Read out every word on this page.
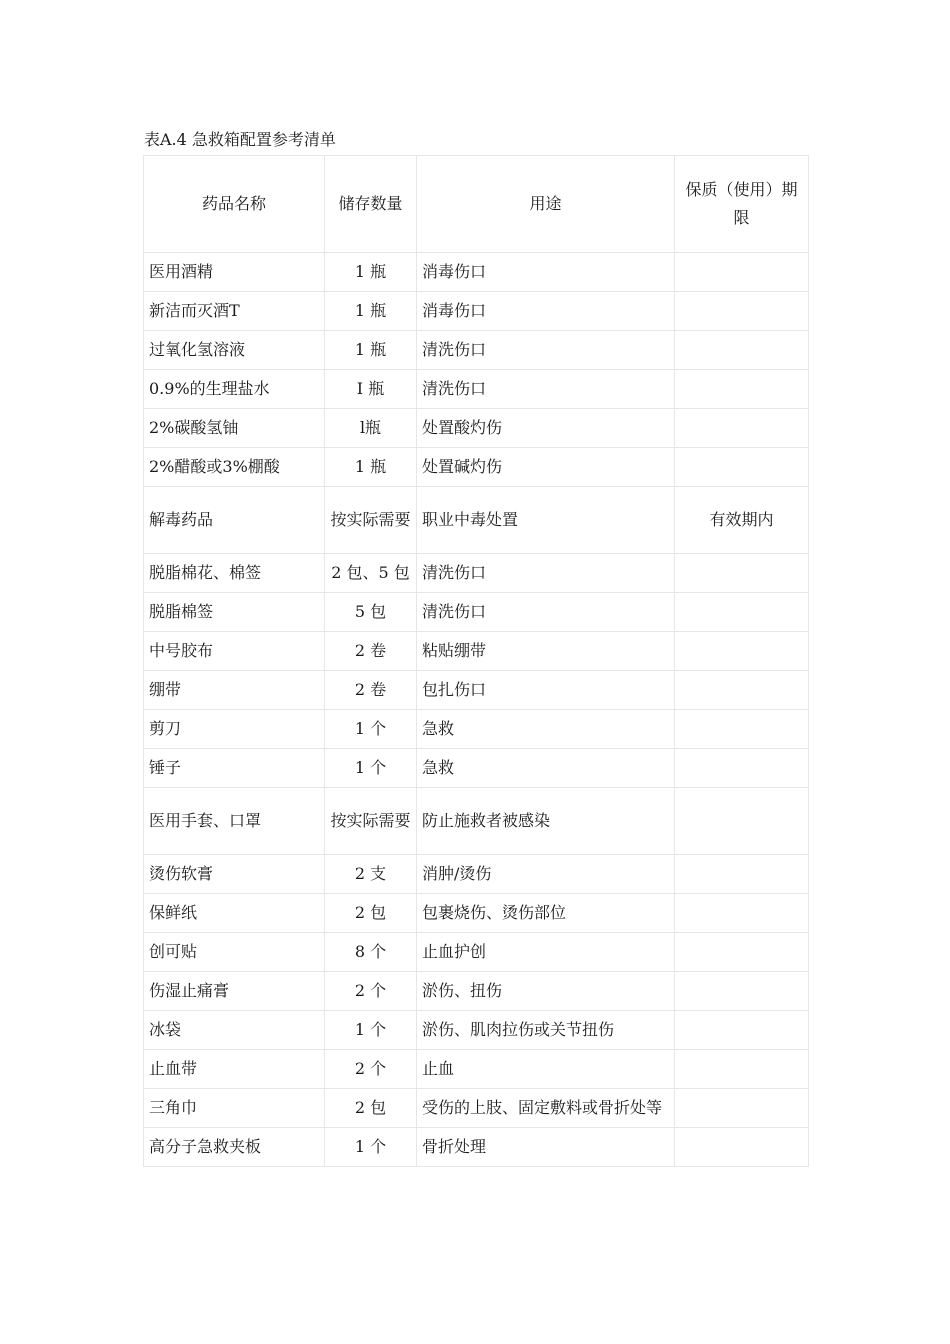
表A.4 急救箱配置参考清单
药品名称	储存数量	用途	保质（使用）期限
医用酒精	1 瓶	消毒伤口	
新洁而灭酒T	1 瓶	消毒伤口	
过氧化氢溶液	1 瓶	清洗伤口	
0.9%的生理盐水	I 瓶	清洗伤口	
2%碳酸氢铀	l瓶	处置酸灼伤	
2%醋酸或3%棚酸	1 瓶	处置碱灼伤	
解毒药品	按实际需要	职业中毒处置	有效期内
脱脂棉花、棉签	2 包、5 包	清洗伤口	
脱脂棉签	5 包	清洗伤口	
中号胶布	2 卷	粘贴绷带	
绷带	2 卷	包扎伤口	
剪刀	1 个	急救	
锤子	1 个	急救	
医用手套、口罩	按实际需要	防止施救者被感染	
烫伤软膏	2 支	消肿/烫伤	
保鲜纸	2 包	包裹烧伤、烫伤部位	
创可贴	8 个	止血护创	
伤湿止痛膏	2 个	淤伤、扭伤	
冰袋	1 个	淤伤、肌肉拉伤或关节扭伤	
止血带	2 个	止血	
三角巾	2 包	受伤的上肢、固定敷料或骨折处等	
高分子急救夹板	1 个	骨折处理	
